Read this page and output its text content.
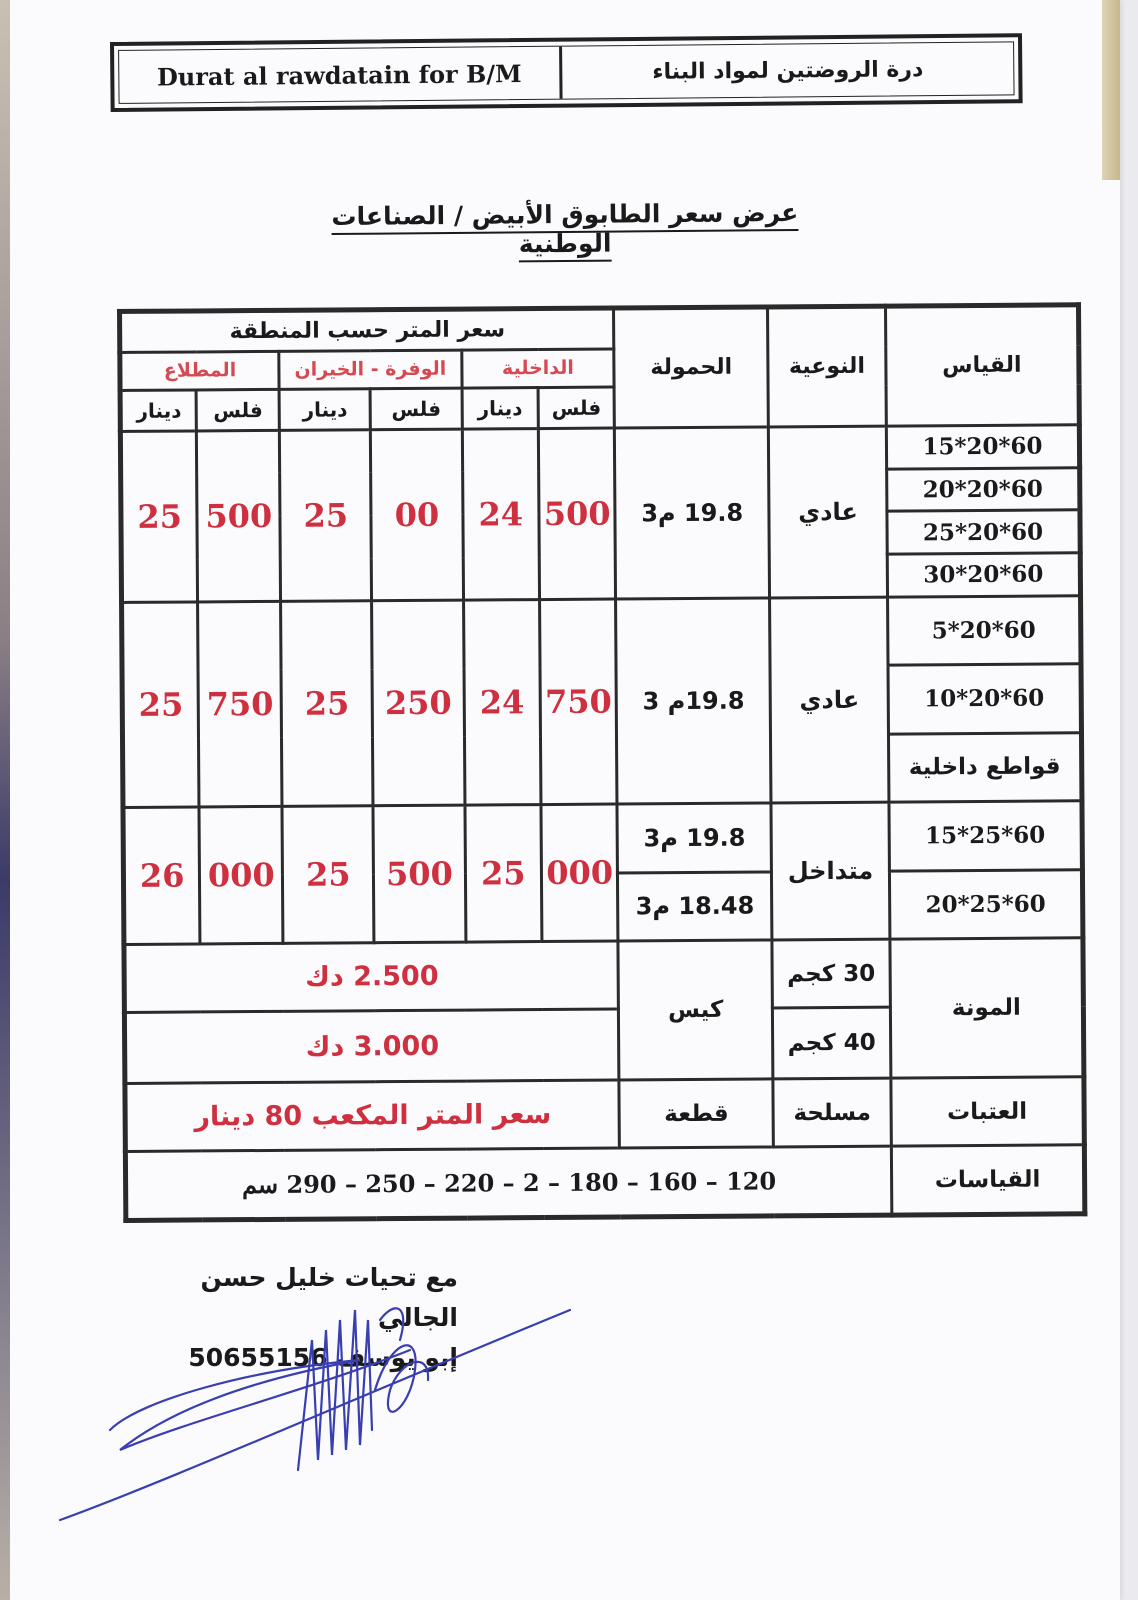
Durat al rawdatain for B/M	درة الروضتين لمواد البناء
عرض سعر الطابوق الأبيض / الصناعات الوطنية
القياس	النوعية	الحمولة	سعر المتر حسب المنطقة					
			الداخلية		الوفرة - الخيران		المطلاع	
			فلس	دينار	فلس	دينار	فلس	دينار
15*20*60	عادي	19.8 م3	500	24	00	25	500	25
20*20*60								
25*20*60								
30*20*60								
5*20*60	عادي	19.8م 3	750	24	250	25	750	25
10*20*60								
قواطع داخلية								
15*25*60	متداخل	19.8 م3	000	25	500	25	000	26
20*25*60		18.48 م3						
المونة	30 كجم	كيس	2.500 دك					
	40 كجم		3.000 دك					
العتبات	مسلحة	قطعة	سعر المتر المكعب 80 دينار					
القياسات	120 – 160 – 180 – 2 – 220 – 250 – 290 سم							
مع تحيات خليل حسن الجالي
إبو يوسف 50655156
